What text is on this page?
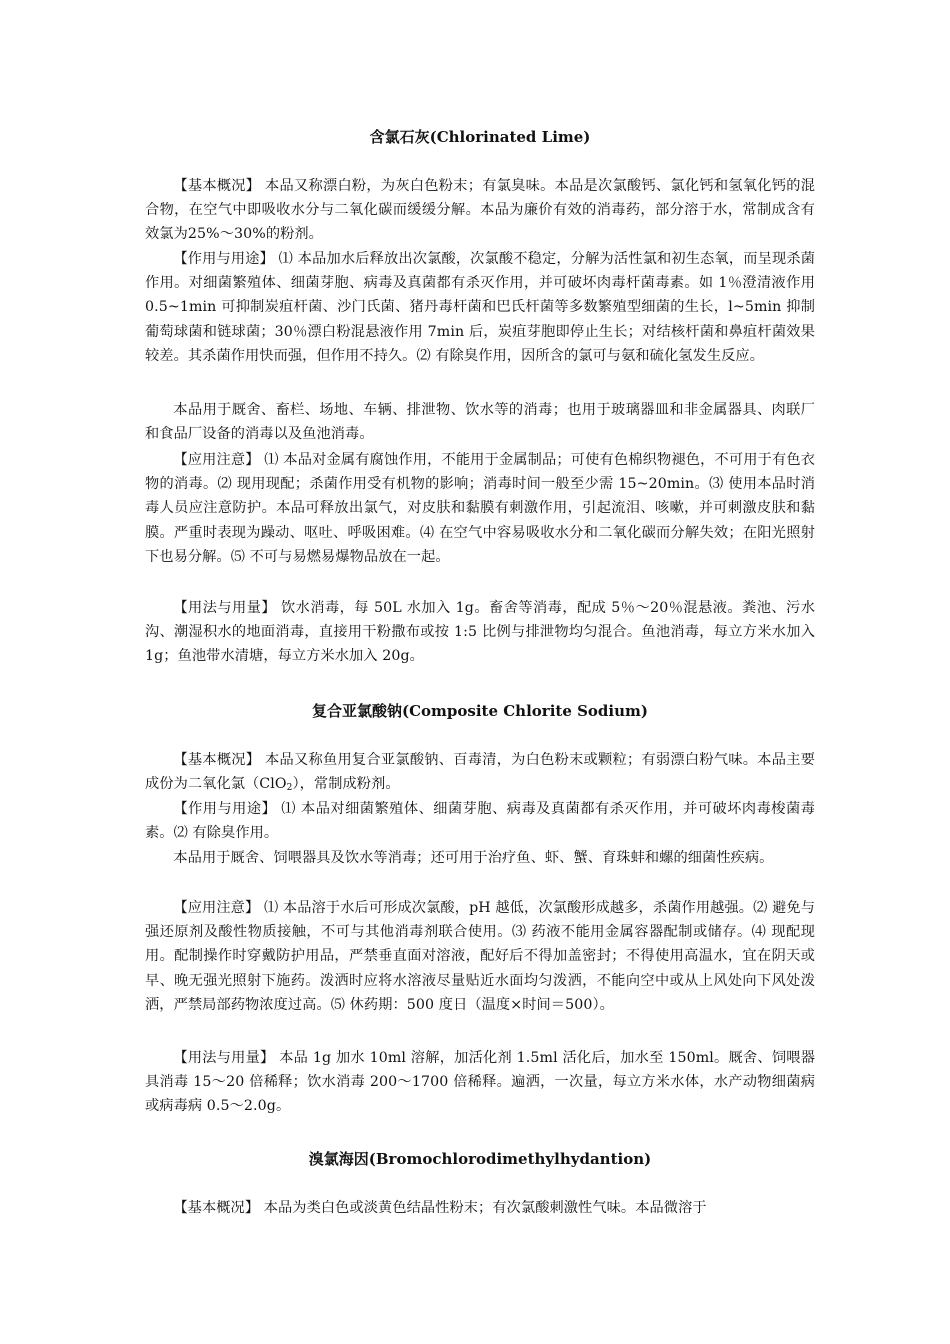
含氯石灰(Chlorinated Lime)

【基本概况】 本品又称漂白粉，为灰白色粉末；有氯臭味。本品是次氯酸钙、氯化钙和氢氧化钙的混合物，在空气中即吸收水分与二氧化碳而缓缓分解。本品为廉价有效的消毒药，部分溶于水，常制成含有效氯为25%～30%的粉剂。

【作用与用途】 ⑴ 本品加水后释放出次氯酸，次氯酸不稳定，分解为活性氯和初生态氧，而呈现杀菌作用。对细菌繁殖体、细菌芽胞、病毒及真菌都有杀灭作用，并可破坏肉毒杆菌毒素。如 1％澄清液作用 0.5~1min 可抑制炭疽杆菌、沙门氏菌、猪丹毒杆菌和巴氏杆菌等多数繁殖型细菌的生长，l~5min 抑制葡萄球菌和链球菌；30％漂白粉混悬液作用 7min 后，炭疽芽胞即停止生长；对结核杆菌和鼻疽杆菌效果较差。其杀菌作用快而强，但作用不持久。⑵ 有除臭作用，因所含的氯可与氨和硫化氢发生反应。

本品用于厩舍、畜栏、场地、车辆、排泄物、饮水等的消毒；也用于玻璃器皿和非金属器具、肉联厂和食品厂设备的消毒以及鱼池消毒。

【应用注意】 ⑴ 本品对金属有腐蚀作用，不能用于金属制品；可使有色棉织物褪色，不可用于有色衣物的消毒。⑵ 现用现配；杀菌作用受有机物的影响；消毒时间一般至少需 15~20min。⑶ 使用本品时消毒人员应注意防护。本品可释放出氯气，对皮肤和黏膜有刺激作用，引起流泪、咳嗽，并可刺激皮肤和黏膜。严重时表现为躁动、呕吐、呼吸困难。⑷ 在空气中容易吸收水分和二氧化碳而分解失效；在阳光照射下也易分解。⑸ 不可与易燃易爆物品放在一起。

【用法与用量】 饮水消毒，每 50L 水加入 1g。畜舍等消毒，配成 5％～20％混悬液。粪池、污水沟、潮湿积水的地面消毒，直接用干粉撒布或按 1:5 比例与排泄物均匀混合。鱼池消毒，每立方米水加入 1g；鱼池带水清塘，每立方米水加入 20g。

复合亚氯酸钠(Composite Chlorite Sodium)

【基本概况】 本品又称鱼用复合亚氯酸钠、百毒清，为白色粉末或颗粒；有弱漂白粉气味。本品主要成份为二氧化氯（ClO$_2$），常制成粉剂。

【作用与用途】 ⑴ 本品对细菌繁殖体、细菌芽胞、病毒及真菌都有杀灭作用，并可破坏肉毒梭菌毒素。⑵ 有除臭作用。

本品用于厩舍、饲喂器具及饮水等消毒；还可用于治疗鱼、虾、蟹、育珠蚌和螺的细菌性疾病。

【应用注意】 ⑴ 本品溶于水后可形成次氯酸，pH 越低，次氯酸形成越多，杀菌作用越强。⑵ 避免与强还原剂及酸性物质接触，不可与其他消毒剂联合使用。⑶ 药液不能用金属容器配制或储存。⑷ 现配现用。配制操作时穿戴防护用品，严禁垂直面对溶液，配好后不得加盖密封；不得使用高温水，宜在阴天或早、晚无强光照射下施药。泼洒时应将水溶液尽量贴近水面均匀泼洒，不能向空中或从上风处向下风处泼洒，严禁局部药物浓度过高。⑸ 休药期：500 度日（温度×时间＝500）。

【用法与用量】 本品 1g 加水 10ml 溶解，加活化剂 1.5ml 活化后，加水至 150ml。厩舍、饲喂器具消毒 15～20 倍稀释；饮水消毒 200～1700 倍稀释。遍洒，一次量，每立方米水体，水产动物细菌病或病毒病 0.5～2.0g。

溴氯海因(Bromochlorodimethylhydantion)

【基本概况】 本品为类白色或淡黄色结晶性粉末；有次氯酸刺激性气味。本品微溶于
